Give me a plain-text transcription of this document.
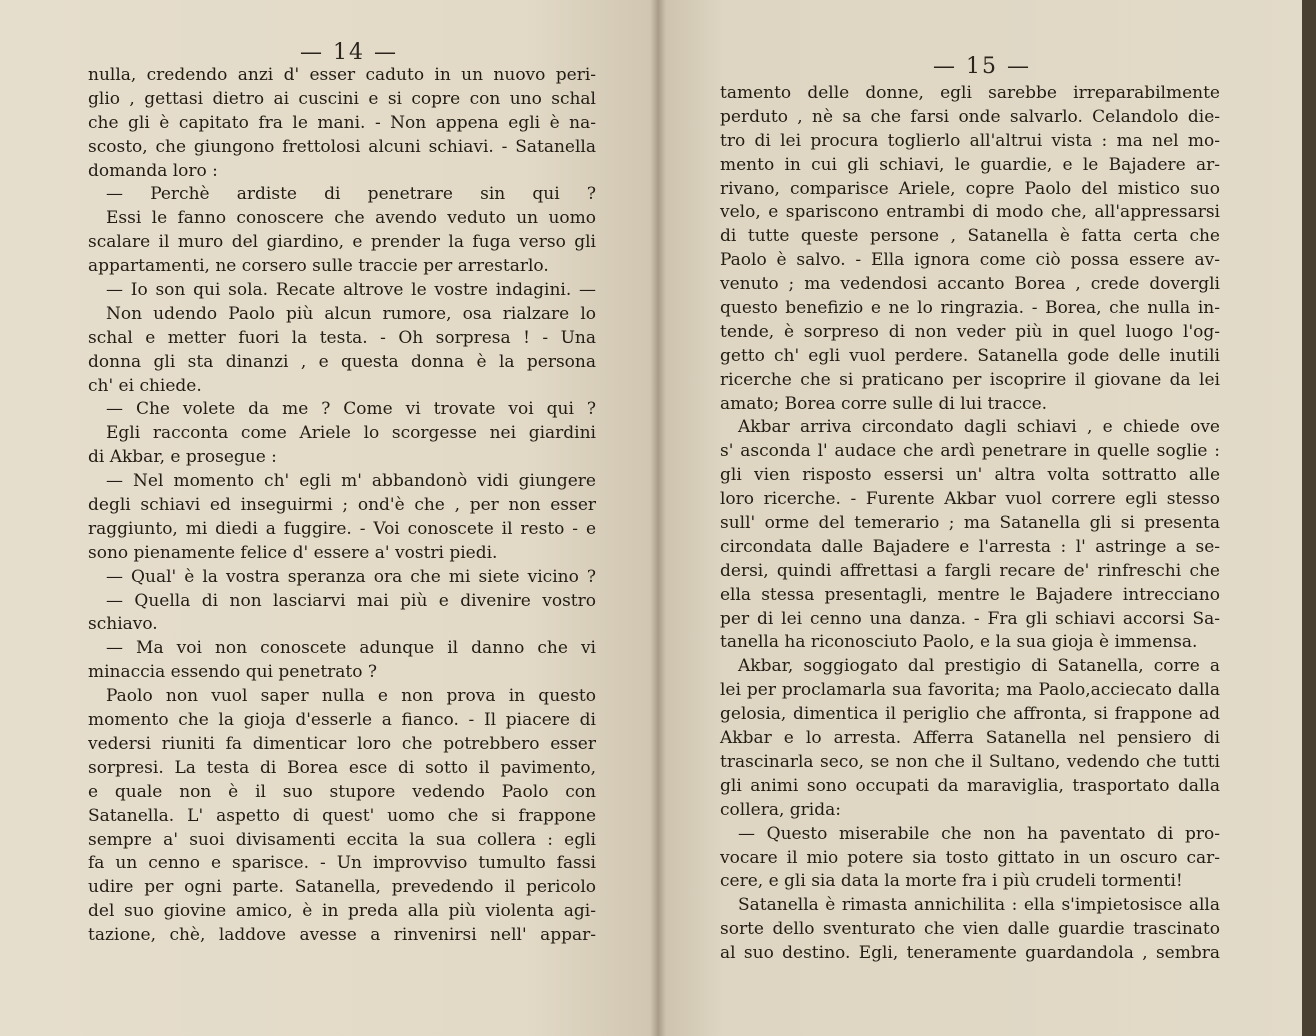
— 14 —
nulla, credendo anzi d' esser caduto in un nuovo peri-
glio , gettasi dietro ai cuscini e si copre con uno schal
che gli è capitato fra le mani. - Non appena egli è na-
scosto, che giungono frettolosi alcuni schiavi. - Satanella
domanda loro :
— Perchè ardiste di penetrare sin qui ?
Essi le fanno conoscere che avendo veduto un uomo
scalare il muro del giardino, e prender la fuga verso gli
appartamenti, ne corsero sulle traccie per arrestarlo.
— Io son qui sola. Recate altrove le vostre indagini. —
Non udendo Paolo più alcun rumore, osa rialzare lo
schal e metter fuori la testa. - Oh sorpresa ! - Una
donna gli sta dinanzi , e questa donna è la persona
ch' ei chiede.
— Che volete da me ? Come vi trovate voi qui ?
Egli racconta come Ariele lo scorgesse nei giardini
di Akbar, e prosegue :
— Nel momento ch' egli m' abbandonò vidi giungere
degli schiavi ed inseguirmi ; ond'è che , per non esser
raggiunto, mi diedi a fuggire. - Voi conoscete il resto - e
sono pienamente felice d' essere a' vostri piedi.
— Qual' è la vostra speranza ora che mi siete vicino ?
— Quella di non lasciarvi mai più e divenire vostro
schiavo.
— Ma voi non conoscete adunque il danno che vi
minaccia essendo qui penetrato ?
Paolo non vuol saper nulla e non prova in questo
momento che la gioja d'esserle a fianco. - Il piacere di
vedersi riuniti fa dimenticar loro che potrebbero esser
sorpresi. La testa di Borea esce di sotto il pavimento,
e quale non è il suo stupore vedendo Paolo con
Satanella. L' aspetto di quest' uomo che si frappone
sempre a' suoi divisamenti eccita la sua collera : egli
fa un cenno e sparisce. - Un improvviso tumulto fassi
udire per ogni parte. Satanella, prevedendo il pericolo
del suo giovine amico, è in preda alla più violenta agi-
tazione, chè, laddove avesse a rinvenirsi nell' appar-
— 15 —
tamento delle donne, egli sarebbe irreparabilmente
perduto , nè sa che farsi onde salvarlo. Celandolo die-
tro di lei procura toglierlo all'altrui vista : ma nel mo-
mento in cui gli schiavi, le guardie, e le Bajadere ar-
rivano, comparisce Ariele, copre Paolo del mistico suo
velo, e spariscono entrambi di modo che, all'appressarsi
di tutte queste persone , Satanella è fatta certa che
Paolo è salvo. - Ella ignora come ciò possa essere av-
venuto ; ma vedendosi accanto Borea , crede dovergli
questo benefizio e ne lo ringrazia. - Borea, che nulla in-
tende, è sorpreso di non veder più in quel luogo l'og-
getto ch' egli vuol perdere. Satanella gode delle inutili
ricerche che si praticano per iscoprire il giovane da lei
amato; Borea corre sulle di lui tracce.
Akbar arriva circondato dagli schiavi , e chiede ove
s' asconda l' audace che ardì penetrare in quelle soglie :
gli vien risposto essersi un' altra volta sottratto alle
loro ricerche. - Furente Akbar vuol correre egli stesso
sull' orme del temerario ; ma Satanella gli si presenta
circondata dalle Bajadere e l'arresta : l' astringe a se-
dersi, quindi affrettasi a fargli recare de' rinfreschi che
ella stessa presentagli, mentre le Bajadere intrecciano
per di lei cenno una danza. - Fra gli schiavi accorsi Sa-
tanella ha riconosciuto Paolo, e la sua gioja è immensa.
Akbar, soggiogato dal prestigio di Satanella, corre a
lei per proclamarla sua favorita; ma Paolo,acciecato dalla
gelosia, dimentica il periglio che affronta, si frappone ad
Akbar e lo arresta. Afferra Satanella nel pensiero di
trascinarla seco, se non che il Sultano, vedendo che tutti
gli animi sono occupati da maraviglia, trasportato dalla
collera, grida:
— Questo miserabile che non ha paventato di pro-
vocare il mio potere sia tosto gittato in un oscuro car-
cere, e gli sia data la morte fra i più crudeli tormenti!
Satanella è rimasta annichilita : ella s'impietosisce alla
sorte dello sventurato che vien dalle guardie trascinato
al suo destino. Egli, teneramente guardandola , sembra
